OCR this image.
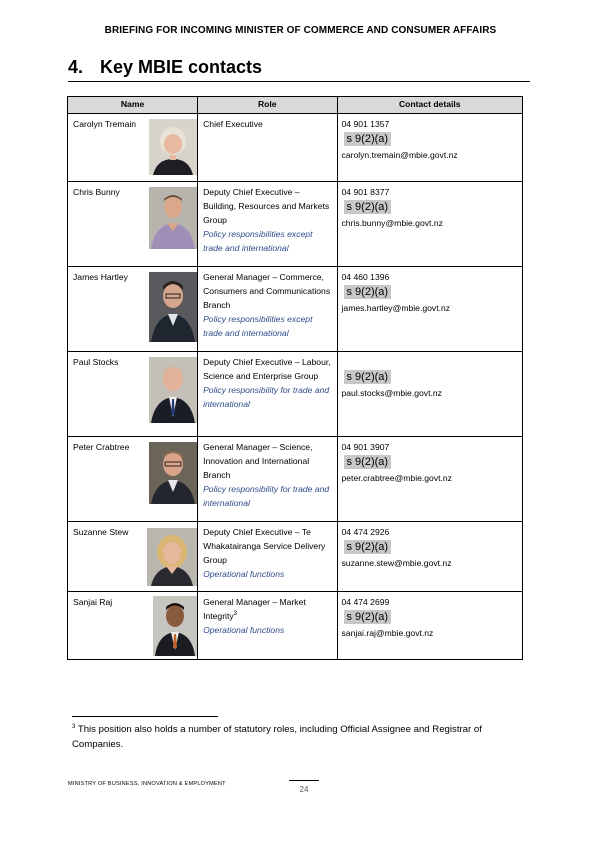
BRIEFING FOR INCOMING MINISTER OF COMMERCE AND CONSUMER AFFAIRS
4. Key MBIE contacts
Name	Role	Contact details

Carolyn Tremain	Chief Executive	04 901 1357
s 9(2)(a)
carolyn.tremain@mbie.govt.nz

Chris Bunny	Deputy Chief Executive – Building, Resources and Markets Group
Policy responsibilities except trade and international	04 901 8377
s 9(2)(a)
chris.bunny@mbie.govt.nz

James Hartley	General Manager – Commerce, Consumers and Communications Branch
Policy responsibilities except trade and international	04 460 1396
s 9(2)(a)
james.hartley@mbie.govt.nz

Paul Stocks	Deputy Chief Executive – Labour, Science and Enterprise Group
Policy responsibility for trade and international	s 9(2)(a)
paul.stocks@mbie.govt.nz

Peter Crabtree	General Manager – Science, Innovation and International Branch
Policy responsibility for trade and international	04 901 3907
s 9(2)(a)
peter.crabtree@mbie.govt.nz

Suzanne Stew	Deputy Chief Executive – Te Whakatairanga Service Delivery Group
Operational functions	04 474 2926
s 9(2)(a)
suzanne.stew@mbie.govt.nz

Sanjai Raj	General Manager – Market Integrity$^3$
Operational functions	04 474 2699
s 9(2)(a)
sanjai.raj@mbie.govt.nz
$^3$ This position also holds a number of statutory roles, including Official Assignee and Registrar of Companies.
MINISTRY OF BUSINESS, INNOVATION & EMPLOYMENT
24
